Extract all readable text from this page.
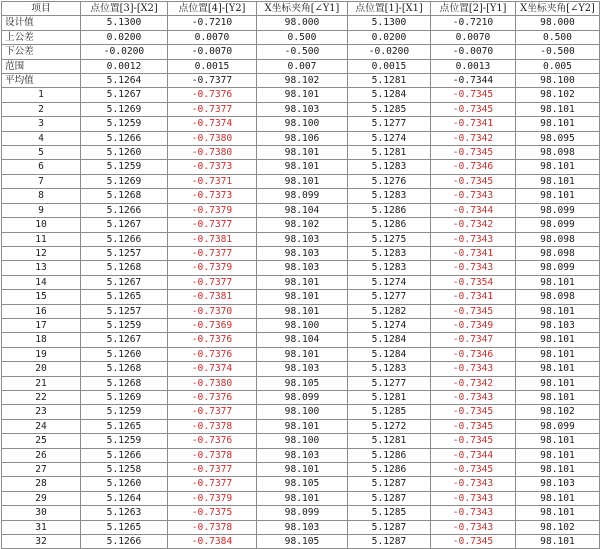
项目	点位置[3]-[X2]	点位置[4]-[Y2]	X坐标夹角[∠Y1]	点位置[1]-[X1]	点位置[2]-[Y1]	X坐标夹角[∠Y2]
设计值	5.1300	-0.7210	98.000	5.1300	-0.7210	98.000
上公差	0.0200	0.0070	0.500	0.0200	0.0070	0.500
下公差	-0.0200	-0.0070	-0.500	-0.0200	-0.0070	-0.500
范围	0.0012	0.0015	0.007	0.0015	0.0013	0.005
平均值	5.1264	-0.7377	98.102	5.1281	-0.7344	98.100
1	5.1267	-0.7376	98.101	5.1284	-0.7345	98.102
2	5.1269	-0.7377	98.103	5.1285	-0.7345	98.101
3	5.1259	-0.7374	98.100	5.1277	-0.7341	98.101
4	5.1266	-0.7380	98.106	5.1274	-0.7342	98.095
5	5.1260	-0.7380	98.101	5.1281	-0.7345	98.098
6	5.1259	-0.7373	98.101	5.1283	-0.7346	98.101
7	5.1269	-0.7371	98.101	5.1276	-0.7345	98.101
8	5.1268	-0.7373	98.099	5.1283	-0.7343	98.101
9	5.1266	-0.7379	98.104	5.1286	-0.7344	98.099
10	5.1267	-0.7377	98.102	5.1286	-0.7342	98.099
11	5.1266	-0.7381	98.103	5.1275	-0.7343	98.098
12	5.1257	-0.7377	98.103	5.1283	-0.7341	98.098
13	5.1268	-0.7379	98.103	5.1283	-0.7343	98.099
14	5.1267	-0.7377	98.101	5.1274	-0.7354	98.101
15	5.1265	-0.7381	98.101	5.1277	-0.7341	98.098
16	5.1257	-0.7370	98.101	5.1282	-0.7345	98.101
17	5.1259	-0.7369	98.100	5.1274	-0.7349	98.103
18	5.1267	-0.7376	98.104	5.1284	-0.7347	98.101
19	5.1260	-0.7376	98.101	5.1284	-0.7346	98.101
20	5.1268	-0.7374	98.103	5.1283	-0.7343	98.101
21	5.1268	-0.7380	98.105	5.1277	-0.7342	98.101
22	5.1269	-0.7376	98.099	5.1281	-0.7343	98.101
23	5.1259	-0.7377	98.100	5.1285	-0.7345	98.102
24	5.1265	-0.7378	98.101	5.1272	-0.7345	98.099
25	5.1259	-0.7376	98.100	5.1281	-0.7345	98.101
26	5.1266	-0.7378	98.103	5.1286	-0.7344	98.101
27	5.1258	-0.7377	98.101	5.1286	-0.7345	98.101
28	5.1260	-0.7377	98.105	5.1287	-0.7343	98.103
29	5.1264	-0.7379	98.101	5.1287	-0.7343	98.101
30	5.1263	-0.7375	98.099	5.1285	-0.7343	98.101
31	5.1265	-0.7378	98.103	5.1287	-0.7343	98.102
32	5.1266	-0.7384	98.105	5.1287	-0.7345	98.101
